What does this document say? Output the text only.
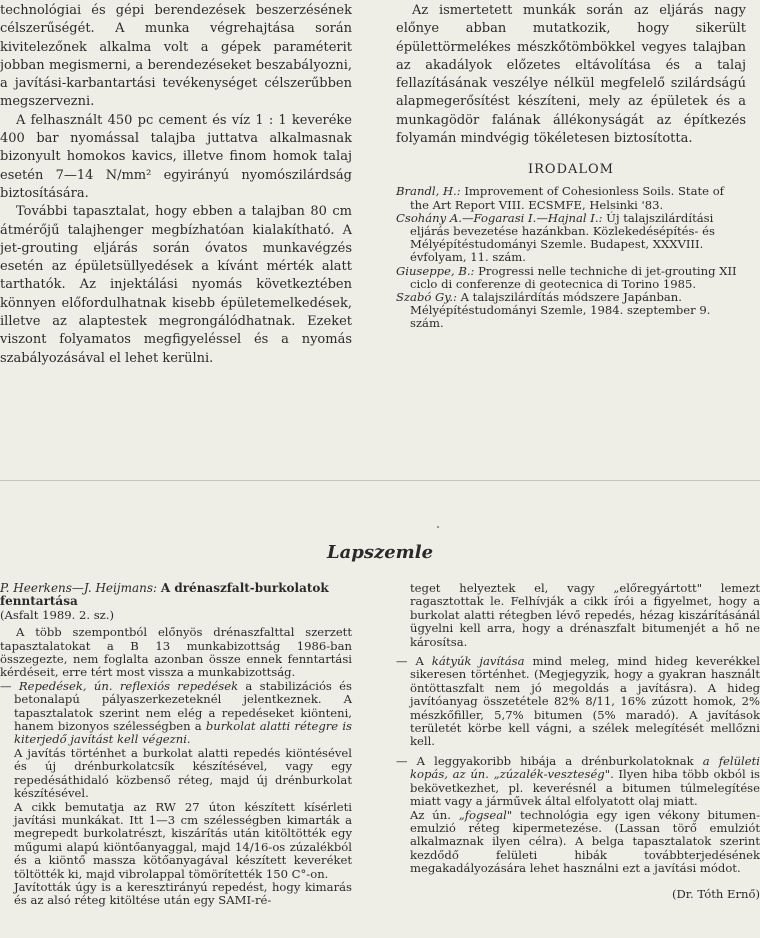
technológiai és gépi berendezések beszerzésének célszerűségét. A munka végrehajtása során kivitelezőnek alkalma volt a gépek paraméterit jobban megismerni, a berendezéseket beszabályozni, a javítási-karbantartási tevékenységet célszerűbben megszervezni.

A felhasznált 450 pc cement és víz 1 : 1 keveréke 400 bar nyomással talajba juttatva alkalmasnak bizonyult homokos kavics, illetve finom homok talaj esetén 7—14 N/mm² egyirányú nyomószilárdság biztosítására.

További tapasztalat, hogy ebben a talajban 80 cm átmérőjű talajhenger megbízhatóan kialakítható. A jet-grouting eljárás során óvatos munkavégzés esetén az épületsüllyedések a kívánt mérték alatt tarthatók. Az injektálási nyomás következtében könnyen előfordulhatnak kisebb épületemelkedések, illetve az alaptestek megrongálódhatnak. Ezeket viszont folyamatos megfigyeléssel és a nyomás szabályozásával el lehet kerülni.

Az ismertetett munkák során az eljárás nagy előnye abban mutatkozik, hogy sikerült épülettörmelékes mészkőtömbökkel vegyes talajban az akadályok előzetes eltávolítása és a talaj fellazításának veszélye nélkül megfelelő szilárdságú alapmegerősítést készíteni, mely az épületek és a munkagödör falának állékonyságát az építkezés folyamán mindvégig tökéletesen biztosította.

IRODALOM

Brandl, H.: Improvement of Cohesionless Soils. State of the Art Report VIII. ECSMFE, Helsinki '83.

Csohány A.—Fogarasi I.—Hajnal I.: Új talajszilárdítási eljárás bevezetése hazánkban. Közlekedésépítés- és Mélyépítéstudományi Szemle. Budapest, XXXVIII. évfolyam, 11. szám.

Giuseppe, B.: Progressi nelle techniche di jet-grouting XII ciclo di conferenze di geotecnica di Torino 1985.

Szabó Gy.: A talajszilárdítás módszere Japánban. Mélyépítéstudományi Szemle, 1984. szeptember 9. szám.

Lapszemle

P. Heerkens—J. Heijmans: A drénaszfalt-burkolatok fenntartása

(Asfalt 1989. 2. sz.)

A több szempontból előnyös drénaszfalttal szerzett tapasztalatokat a B 13 munkabizottság 1986-ban összegezte, nem foglalta azonban össze ennek fenntartási kérdéseit, erre tért most vissza a munkabizottság.

— Repedések, ún. reflexiós repedések a stabilizációs és betonalapú pályaszerkezeteknél jelentkeznek. A tapasztalatok szerint nem elég a repedéseket kiönteni, hanem bizonyos szélességben a burkolat alatti rétegre is kiterjedő javítást kell végezni.

A javítás történhet a burkolat alatti repedés kiöntésével és új drénburkolatcsík készítésével, vagy egy repedésáthidaló közbenső réteg, majd új drénburkolat készítésével.

A cikk bemutatja az RW 27 úton készített kísérleti javítási munkákat. Itt 1—3 cm szélességben kimarták a megrepedt burkolatrészt, kiszárítás után kitöltötték egy műgumi alapú kiöntőanyaggal, majd 14/16-os zúzalékból és a kiöntő massza kötőanyagával készített keveréket töltötték ki, majd vibrolappal tömörítették 150 C°-on.

Javították úgy is a keresztirányú repedést, hogy kimarás és az alsó réteg kitöltése után egy SAMI-ré-

teget helyeztek el, vagy „előregyártott" lemezt ragasztottak le. Felhívják a cikk írói a figyelmet, hogy a burkolat alatti rétegben lévő repedés, hézag kiszárításánál ügyelni kell arra, hogy a drénaszfalt bitumenjét a hő ne károsítsa.

— A kátyúk javítása mind meleg, mind hideg keverékkel sikeresen történhet. (Megjegyzik, hogy a gyakran használt öntöttaszfalt nem jó megoldás a javításra). A hideg javítóanyag összetétele 82% 8/11, 16% zúzott homok, 2% mészkőfiller, 5,7% bitumen (5% maradó). A javítások területét körbe kell vágni, a szélek melegítését mellőzni kell.

— A leggyakoribb hibája a drénburkolatoknak a felületi kopás, az ún. „zúzalék-veszteség". Ilyen hiba több okból is bekövetkezhet, pl. keverésnél a bitumen túlmelegítése miatt vagy a járművek által elfolyatott olaj miatt.

Az ún. „fogseal" technológia egy igen vékony bitumen-emulzió réteg kipermetezése. (Lassan törő emulziót alkalmaznak ilyen célra). A belga tapasztalatok szerint kezdődő felületi hibák továbbterjedésének megakadályozására lehet használni ezt a javítási módot.

(Dr. Tóth Ernő)
